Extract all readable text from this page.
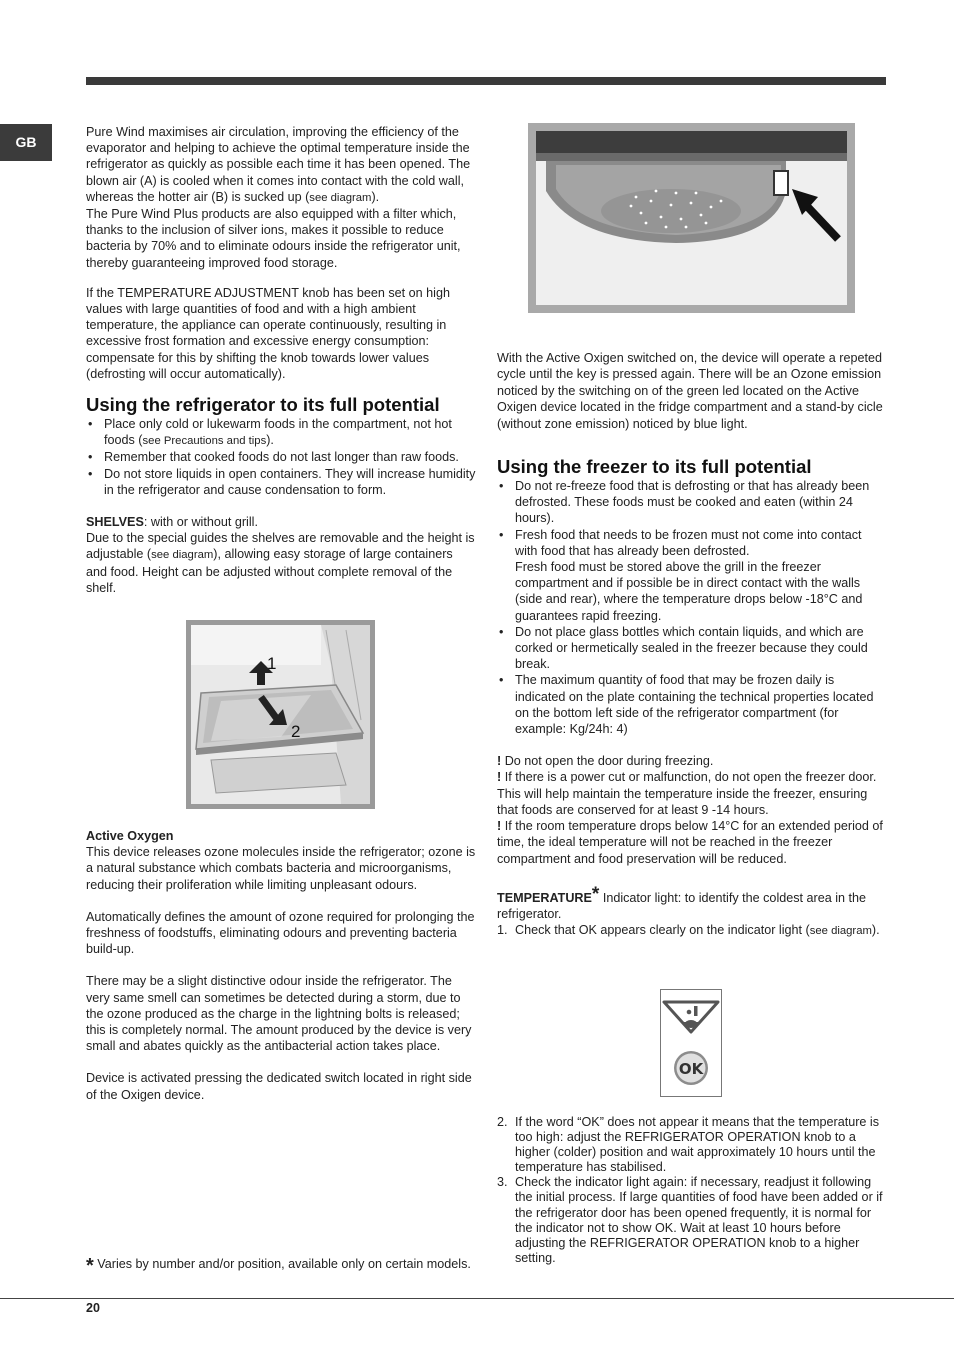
GB

Pure Wind maximises air circulation, improving the efficiency of the evaporator and helping to achieve the optimal temperature inside the refrigerator as quickly as possible each time it has been opened. The blown air (A) is cooled when it comes into contact with the cold wall, whereas the hotter air (B) is sucked up (see diagram).

The Pure Wind Plus products are also equipped with a filter which, thanks to the inclusion of silver ions, makes it possible to reduce bacteria by 70% and to eliminate odours inside the refrigerator unit, thereby guaranteeing improved food storage.

If the TEMPERATURE ADJUSTMENT knob has been set on high values with large quantities of food and with a high ambient temperature, the appliance can operate continuously, resulting in excessive frost formation and excessive energy consumption: compensate for this by shifting the knob towards lower values (defrosting will occur automatically).

Using the refrigerator to its full potential
• Place only cold or lukewarm foods in the compartment, not hot foods (see Precautions and tips).
• Remember that cooked foods do not last longer than raw foods.
• Do not store liquids in open containers. They will increase humidity in the refrigerator and cause condensation to form.

SHELVES: with or without grill.

Due to the special guides the shelves are removable and the height is adjustable (see diagram), allowing easy storage of large containers and food. Height can be adjusted without complete removal of the shelf.

1
2

Active Oxygen

This device releases ozone molecules inside the refrigerator; ozone is a natural substance which combats bacteria and microorganisms, reducing their proliferation while limiting unpleasant odours.

Automatically defines the amount of ozone required for prolonging the freshness of foodstuffs, eliminating odours and preventing bacteria build-up.

There may be a slight distinctive odour inside the refrigerator. The very same smell can sometimes be detected during a storm, due to the ozone produced as the charge in the lightning bolts is released; this is completely normal. The amount produced by the device is very small and abates quickly as the antibacterial action takes place.

Device is activated pressing the dedicated switch located in right side of the Oxigen device.

With the Active Oxigen switched on, the device will operate a repeted cycle until the key is pressed again. There will be an Ozone emission noticed by the switching on of the green led located on the Active Oxigen device located in the fridge compartment and a stand-by cicle (without zone emission) noticed by blue light.

Using the freezer to its full potential
• Do not re-freeze food that is defrosting or that has already been defrosted. These foods must be cooked and eaten (within 24 hours).
• Fresh food that needs to be frozen must not come into contact with food that has already been defrosted.
Fresh food must be stored above the grill in the freezer compartment and if possible be in direct contact with the walls (side and rear), where the temperature drops below -18°C and guarantees rapid freezing.
• Do not place glass bottles which contain liquids, and which are corked or hermetically sealed in the freezer because they could break.
• The maximum quantity of food that may be frozen daily is indicated on the plate containing the technical properties located on the bottom left side of the refrigerator compartment (for example: Kg/24h: 4)

! Do not open the door during freezing.

! If there is a power cut or malfunction, do not open the freezer door. This will help maintain the temperature inside the freezer, ensuring that foods are conserved for at least 9 -14 hours.

! If the room temperature drops below 14°C for an extended period of time, the ideal temperature will not be reached in the freezer compartment and food preservation will be reduced.

TEMPERATURE* Indicator light: to identify the coldest area in the refrigerator.

1. Check that OK appears clearly on the indicator light (see diagram).
OK
2. If the word “OK” does not appear it means that the temperature is too high: adjust the REFRIGERATOR OPERATION knob to a higher (colder) position and wait approximately 10 hours until the temperature has stabilised.
3. Check the indicator light again: if necessary, readjust it following the initial process. If large quantities of food have been added or if the refrigerator door has been opened frequently, it is normal for the indicator not to show OK. Wait at least 10 hours before adjusting the REFRIGERATOR OPERATION knob to a higher setting.
* Varies by number and/or position, available only on certain models.
20
